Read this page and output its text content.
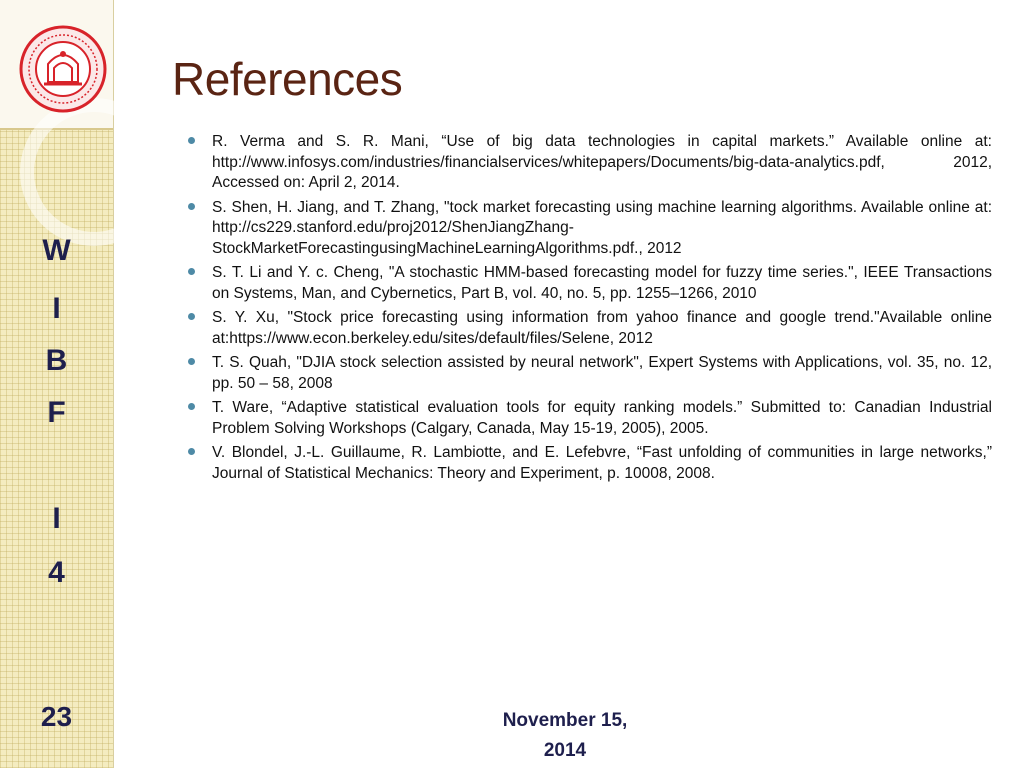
W
I
B
F
I
4
23
References
R. Verma and S. R. Mani, “Use of big data technologies in capital markets.” Available online at: http://www.infosys.com/industries/financialservices/whitepapers/Documents/big-data-analytics.pdf, 2012, Accessed on: April 2, 2014.
S. Shen, H. Jiang, and T. Zhang, "tock market forecasting using machine learning algorithms. Available online at: http://cs229.stanford.edu/proj2012/ShenJiangZhang-StockMarketForecastingusingMachineLearningAlgorithms.pdf., 2012
S. T. Li and Y. c. Cheng, "A stochastic HMM-based forecasting model for fuzzy time series.", IEEE Transactions on Systems, Man, and Cybernetics, Part B, vol. 40, no. 5, pp. 1255–1266, 2010
S. Y. Xu, "Stock price forecasting using information from yahoo finance and google trend."Available online at:https://www.econ.berkeley.edu/sites/default/files/Selene, 2012
T. S. Quah, "DJIA stock selection assisted by neural network", Expert Systems with Applications, vol. 35, no. 12, pp. 50 – 58, 2008
T. Ware, “Adaptive statistical evaluation tools for equity ranking models.” Submitted to: Canadian Industrial Problem Solving Workshops (Calgary, Canada, May 15-19, 2005), 2005.
V. Blondel, J.-L. Guillaume, R. Lambiotte, and E. Lefebvre, “Fast unfolding of communities in large networks,” Journal of Statistical Mechanics: Theory and Experiment, p. 10008, 2008.
November 15,
2014
